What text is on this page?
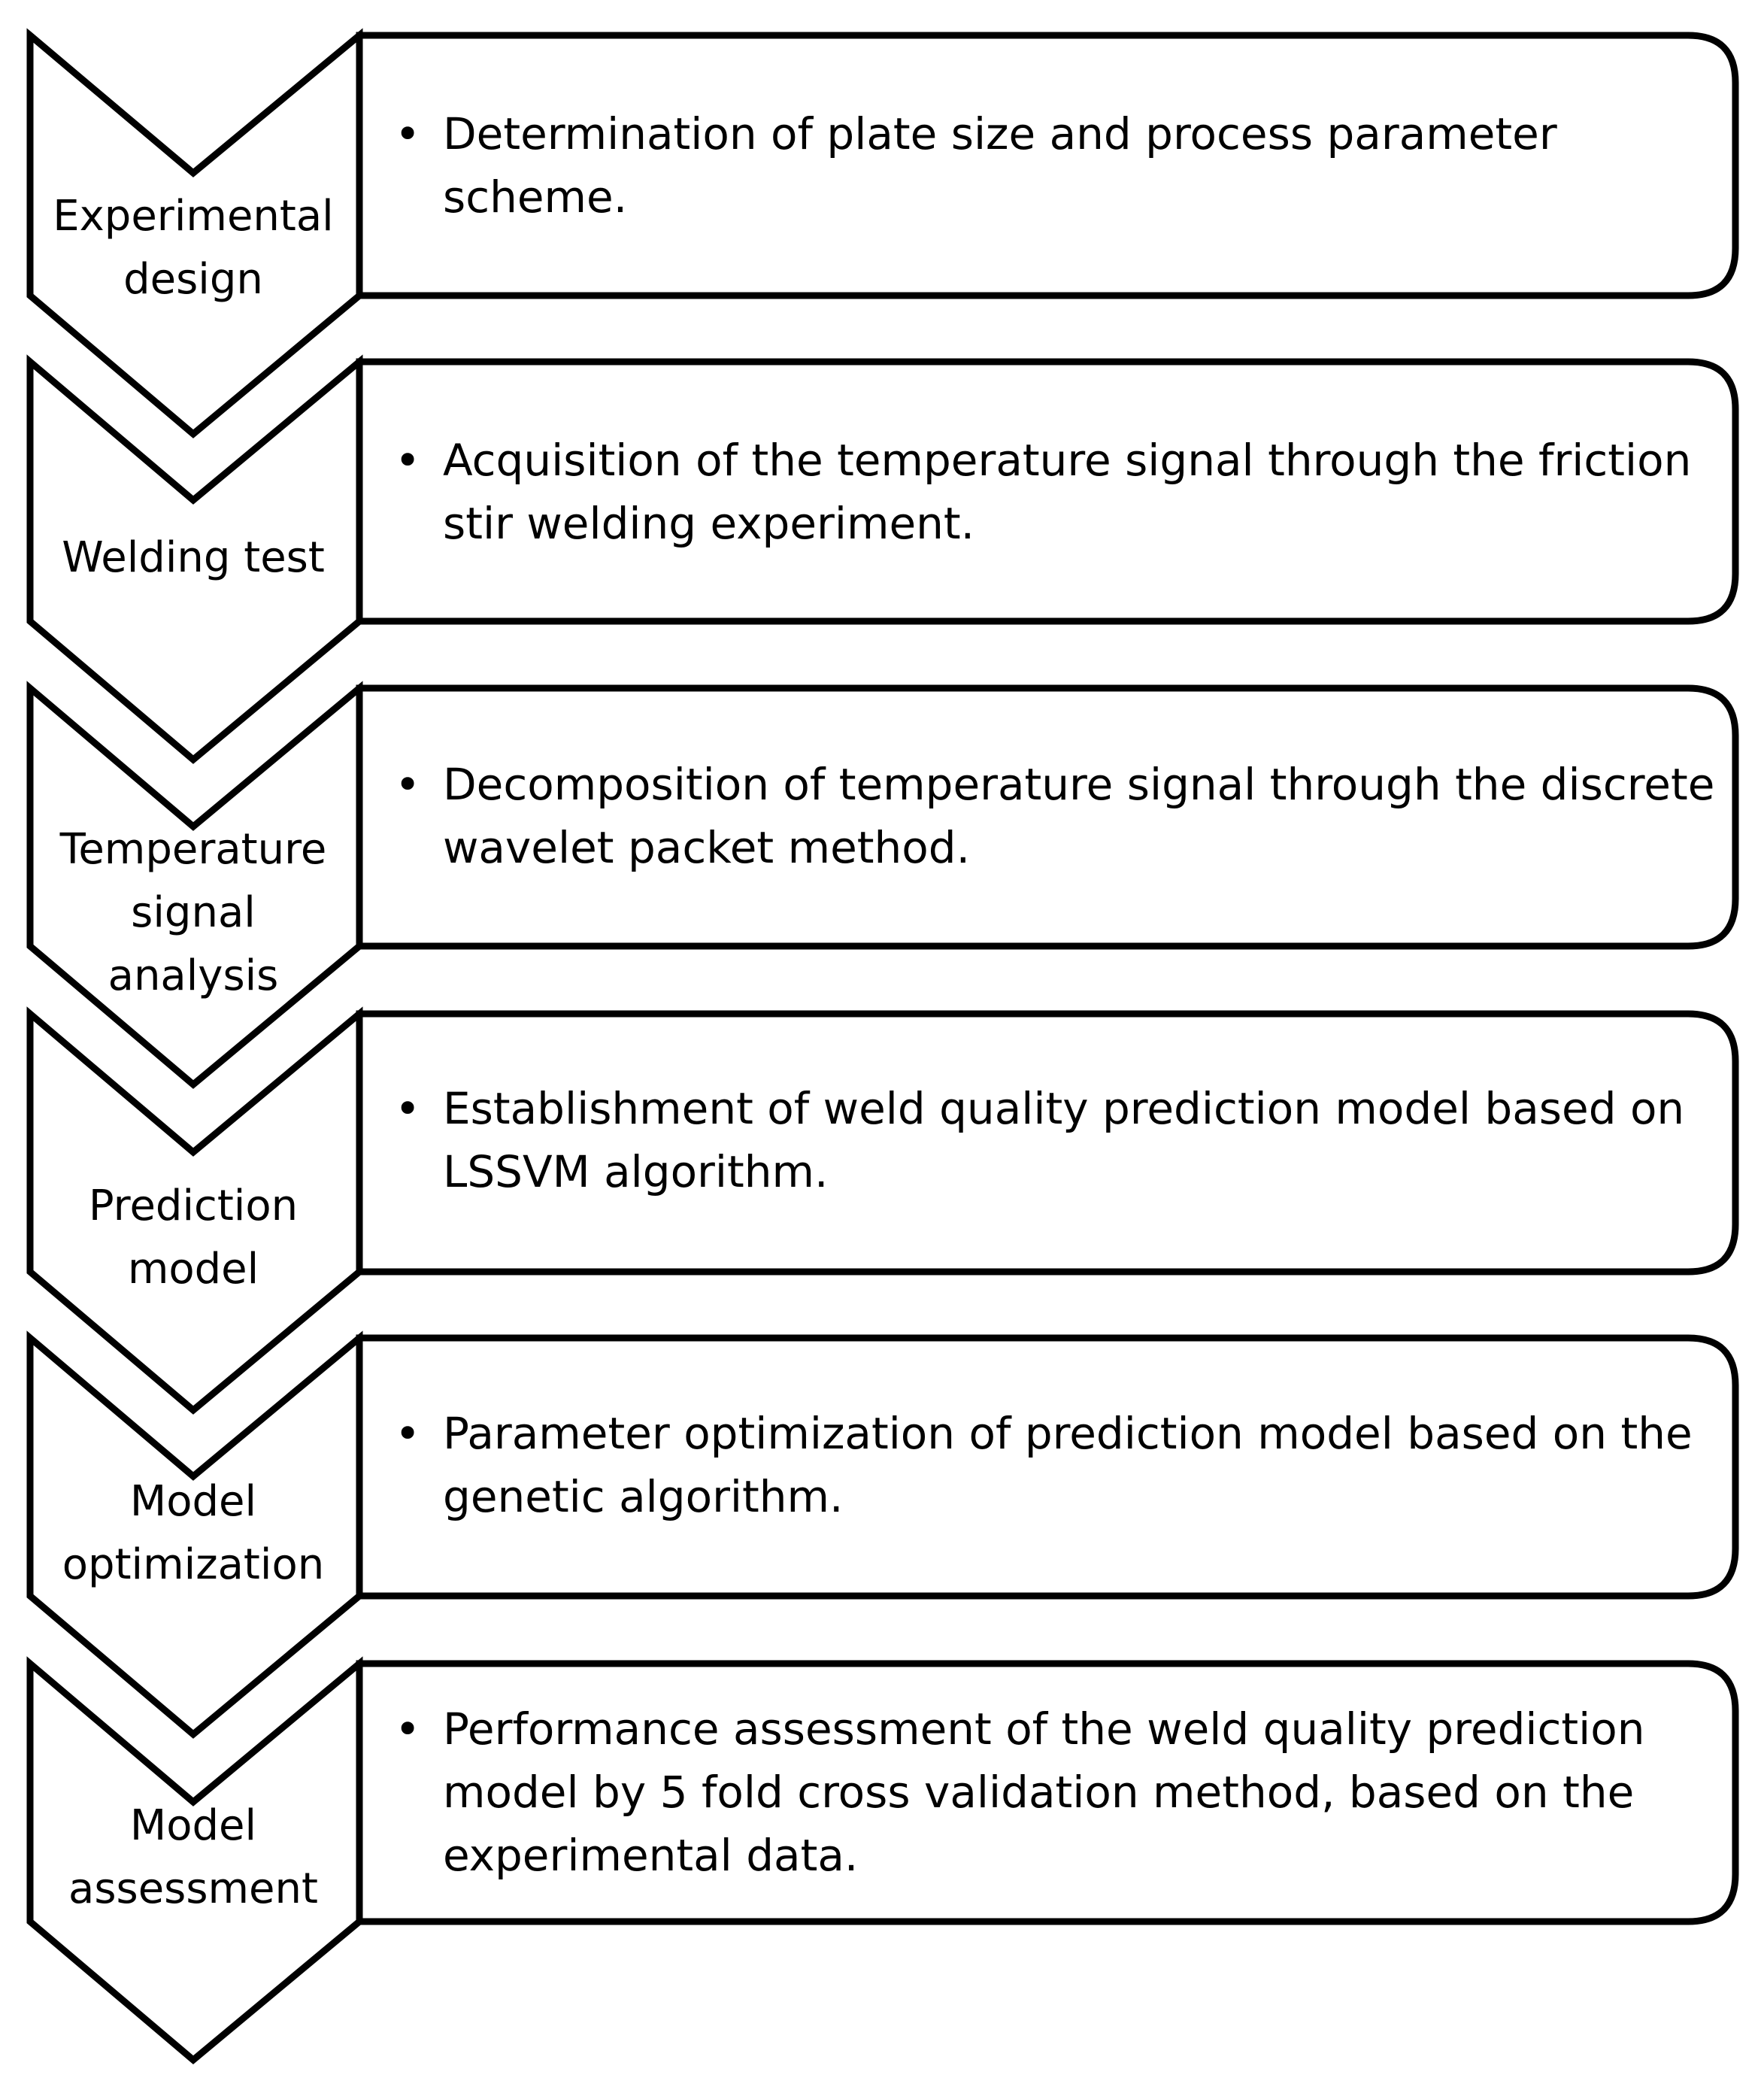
Experimental
design
• Determination of plate size and process parameter scheme.
Welding test
• Acquisition of the temperature signal through the friction stir welding experiment.
Temperature
signal
analysis
• Decomposition of temperature signal through the discrete wavelet packet method.
Prediction
model
• Establishment of weld quality prediction model based on LSSVM algorithm.
Model
optimization
• Parameter optimization of prediction model based on the genetic algorithm.
Model
assessment
• Performance assessment of the weld quality prediction model by 5 fold cross validation method, based on the experimental data.
